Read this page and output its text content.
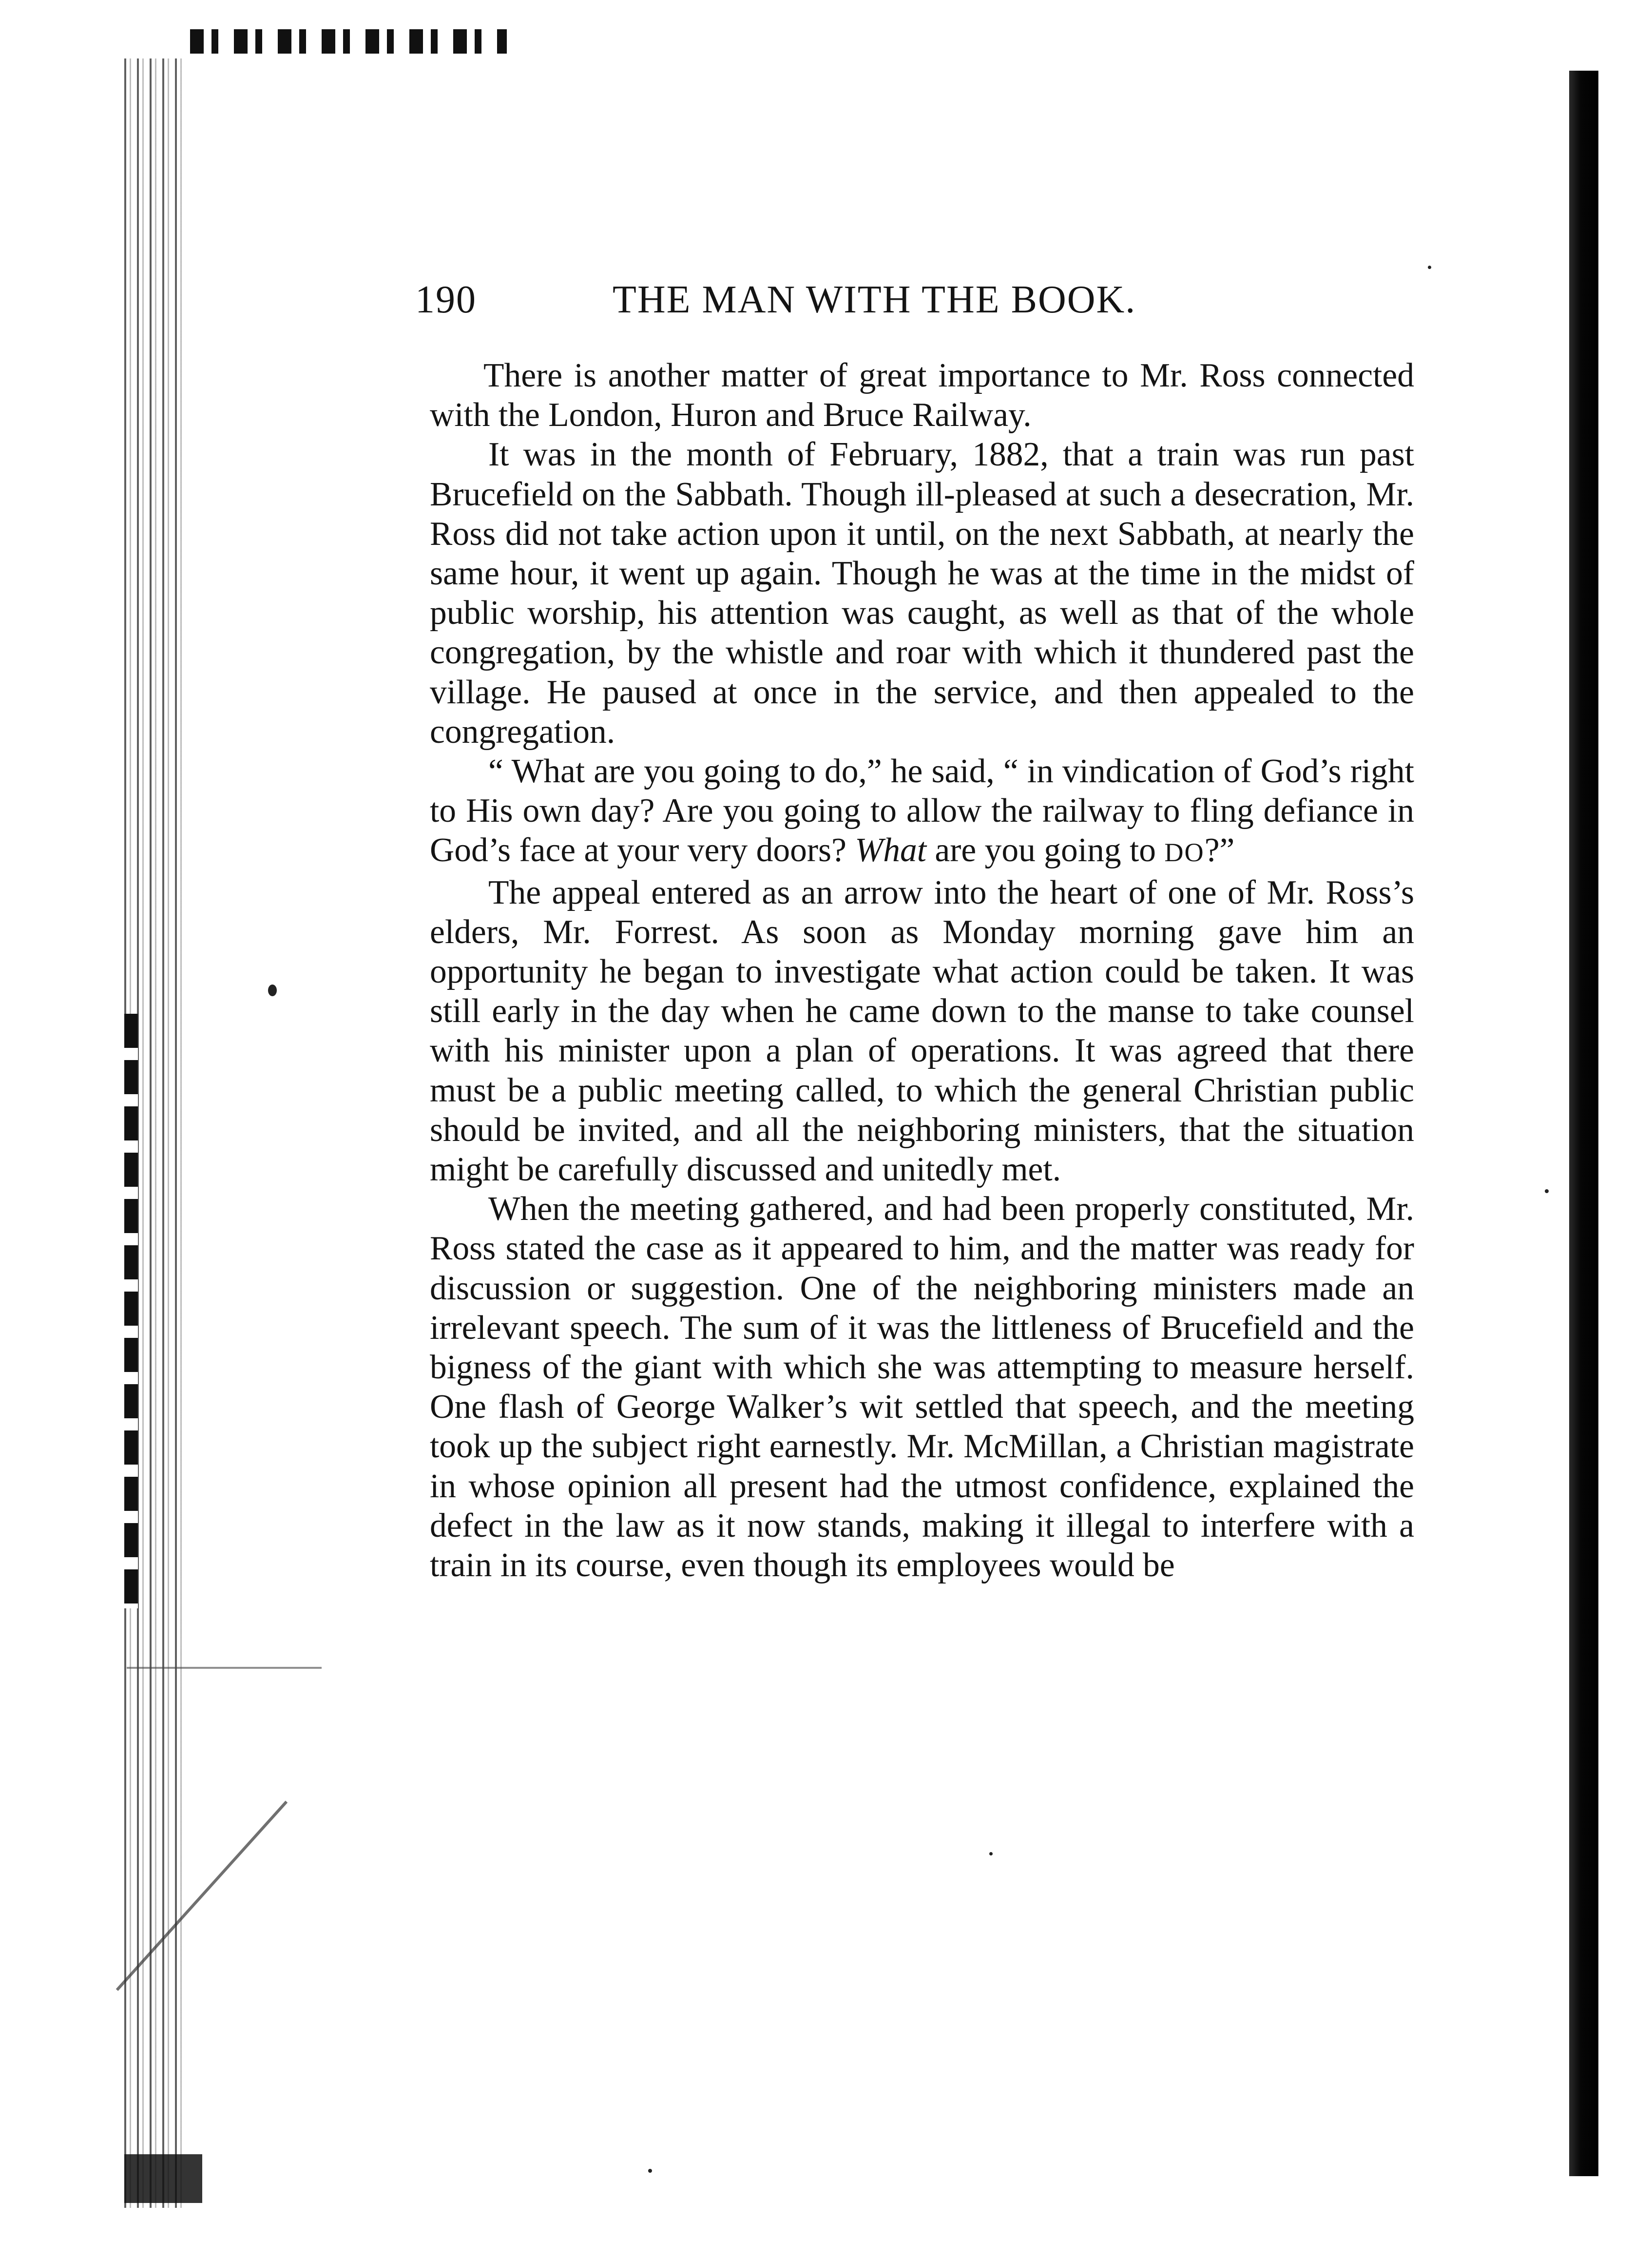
190	THE MAN WITH THE BOOK.

There is another matter of great importance to Mr. Ross connected with the London, Huron and Bruce Railway.

It was in the month of February, 1882, that a train was run past Brucefield on the Sabbath. Though ill-pleased at such a desecration, Mr. Ross did not take action upon it until, on the next Sabbath, at nearly the same hour, it went up again. Though he was at the time in the midst of public worship, his attention was caught, as well as that of the whole congregation, by the whistle and roar with which it thundered past the village. He paused at once in the service, and then appealed to the congregation.

“ What are you going to do,” he said, “ in vindication of God’s right to His own day? Are you going to allow the railway to fling defiance in God’s face at your very doors? What are you going to DO?”

The appeal entered as an arrow into the heart of one of Mr. Ross’s elders, Mr. Forrest. As soon as Monday morning gave him an opportunity he began to investigate what action could be taken. It was still early in the day when he came down to the manse to take counsel with his minister upon a plan of operations. It was agreed that there must be a public meeting called, to which the general Christian public should be invited, and all the neighboring ministers, that the situation might be carefully discussed and unitedly met.

When the meeting gathered, and had been properly constituted, Mr. Ross stated the case as it appeared to him, and the matter was ready for discussion or suggestion. One of the neighboring ministers made an irrelevant speech. The sum of it was the littleness of Brucefield and the bigness of the giant with which she was attempting to measure herself. One flash of George Walker’s wit settled that speech, and the meeting took up the subject right earnestly. Mr. McMillan, a Christian magistrate in whose opinion all present had the utmost confidence, explained the defect in the law as it now stands, making it illegal to interfere with a train in its course, even though its employees would be
